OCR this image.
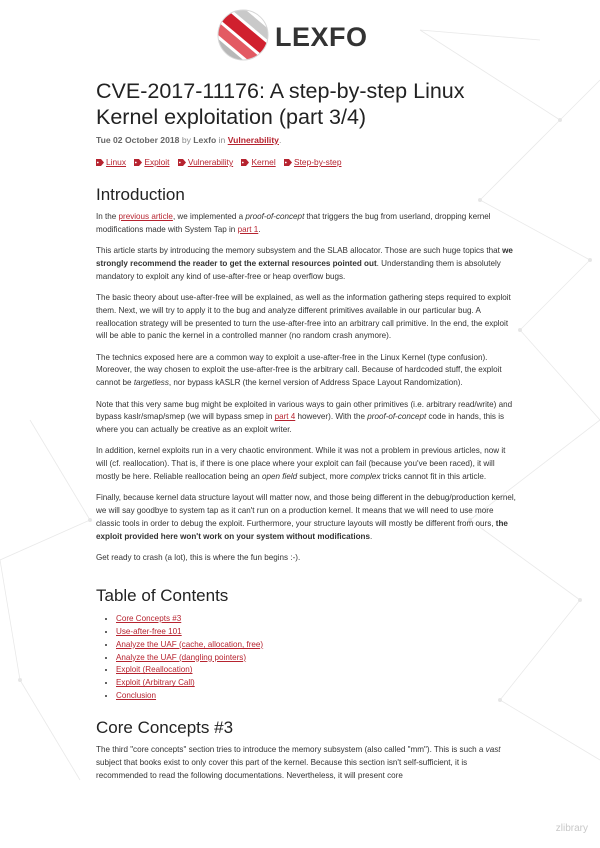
LEXFO
CVE-2017-11176: A step-by-step Linux Kernel exploitation (part 3/4)
Tue 02 October 2018 by Lexfo in Vulnerability.
Linux Exploit Vulnerability Kernel Step-by-step
Introduction

In the previous article, we implemented a proof-of-concept that triggers the bug from userland, dropping kernel modifications made with System Tap in part 1.

This article starts by introducing the memory subsystem and the SLAB allocator. Those are such huge topics that we strongly recommend the reader to get the external resources pointed out. Understanding them is absolutely mandatory to exploit any kind of use-after-free or heap overflow bugs.

The basic theory about use-after-free will be explained, as well as the information gathering steps required to exploit them. Next, we will try to apply it to the bug and analyze different primitives available in our particular bug. A reallocation strategy will be presented to turn the use-after-free into an arbitrary call primitive. In the end, the exploit will be able to panic the kernel in a controlled manner (no random crash anymore).

The technics exposed here are a common way to exploit a use-after-free in the Linux Kernel (type confusion). Moreover, the way chosen to exploit the use-after-free is the arbitrary call. Because of hardcoded stuff, the exploit cannot be targetless, nor bypass kASLR (the kernel version of Address Space Layout Randomization).

Note that this very same bug might be exploited in various ways to gain other primitives (i.e. arbitrary read/write) and bypass kaslr/smap/smep (we will bypass smep in part 4 however). With the proof-of-concept code in hands, this is where you can actually be creative as an exploit writer.

In addition, kernel exploits run in a very chaotic environment. While it was not a problem in previous articles, now it will (cf. reallocation). That is, if there is one place where your exploit can fail (because you've been raced), it will mostly be here. Reliable reallocation being an open field subject, more complex tricks cannot fit in this article.

Finally, because kernel data structure layout will matter now, and those being different in the debug/production kernel, we will say goodbye to system tap as it can't run on a production kernel. It means that we will need to use more classic tools in order to debug the exploit. Furthermore, your structure layouts will mostly be different from ours, the exploit provided here won't work on your system without modifications.

Get ready to crash (a lot), this is where the fun begins :-).

Table of Contents
• Core Concepts #3
• Use-after-free 101
• Analyze the UAF (cache, allocation, free)
• Analyze the UAF (dangling pointers)
• Exploit (Reallocation)
• Exploit (Arbitrary Call)
• Conclusion
Core Concepts #3

The third "core concepts" section tries to introduce the memory subsystem (also called "mm"). This is such a vast subject that books exist to only cover this part of the kernel. Because this section isn't self-sufficient, it is recommended to read the following documentations. Nevertheless, it will present core

zlibrary
